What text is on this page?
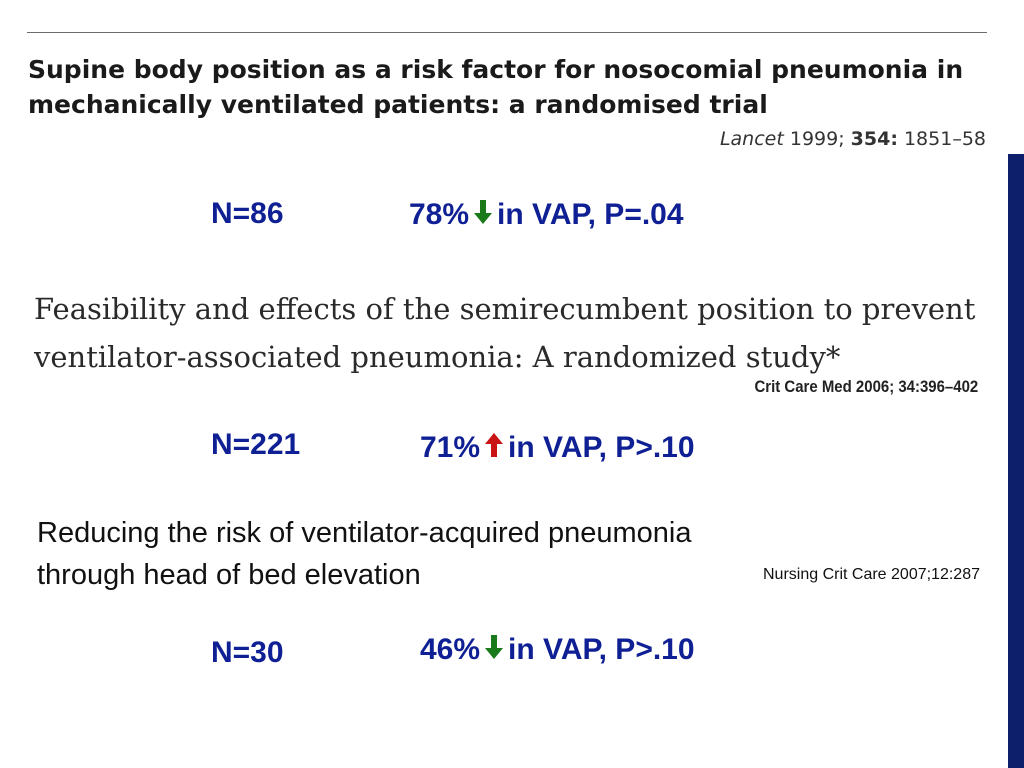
Supine body position as a risk factor for nosocomial pneumonia in
mechanically ventilated patients: a randomised trial
Lancet 1999; 354: 1851–58
N=86	78% in VAP, P=.04
Feasibility and effects of the semirecumbent position to prevent
ventilator-associated pneumonia: A randomized study*
Crit Care Med 2006; 34:396–402
N=221	71% in VAP, P>.10
Reducing the risk of ventilator-acquired pneumonia
through head of bed elevation	Nursing Crit Care 2007;12:287
N=30	46% in VAP, P>.10
